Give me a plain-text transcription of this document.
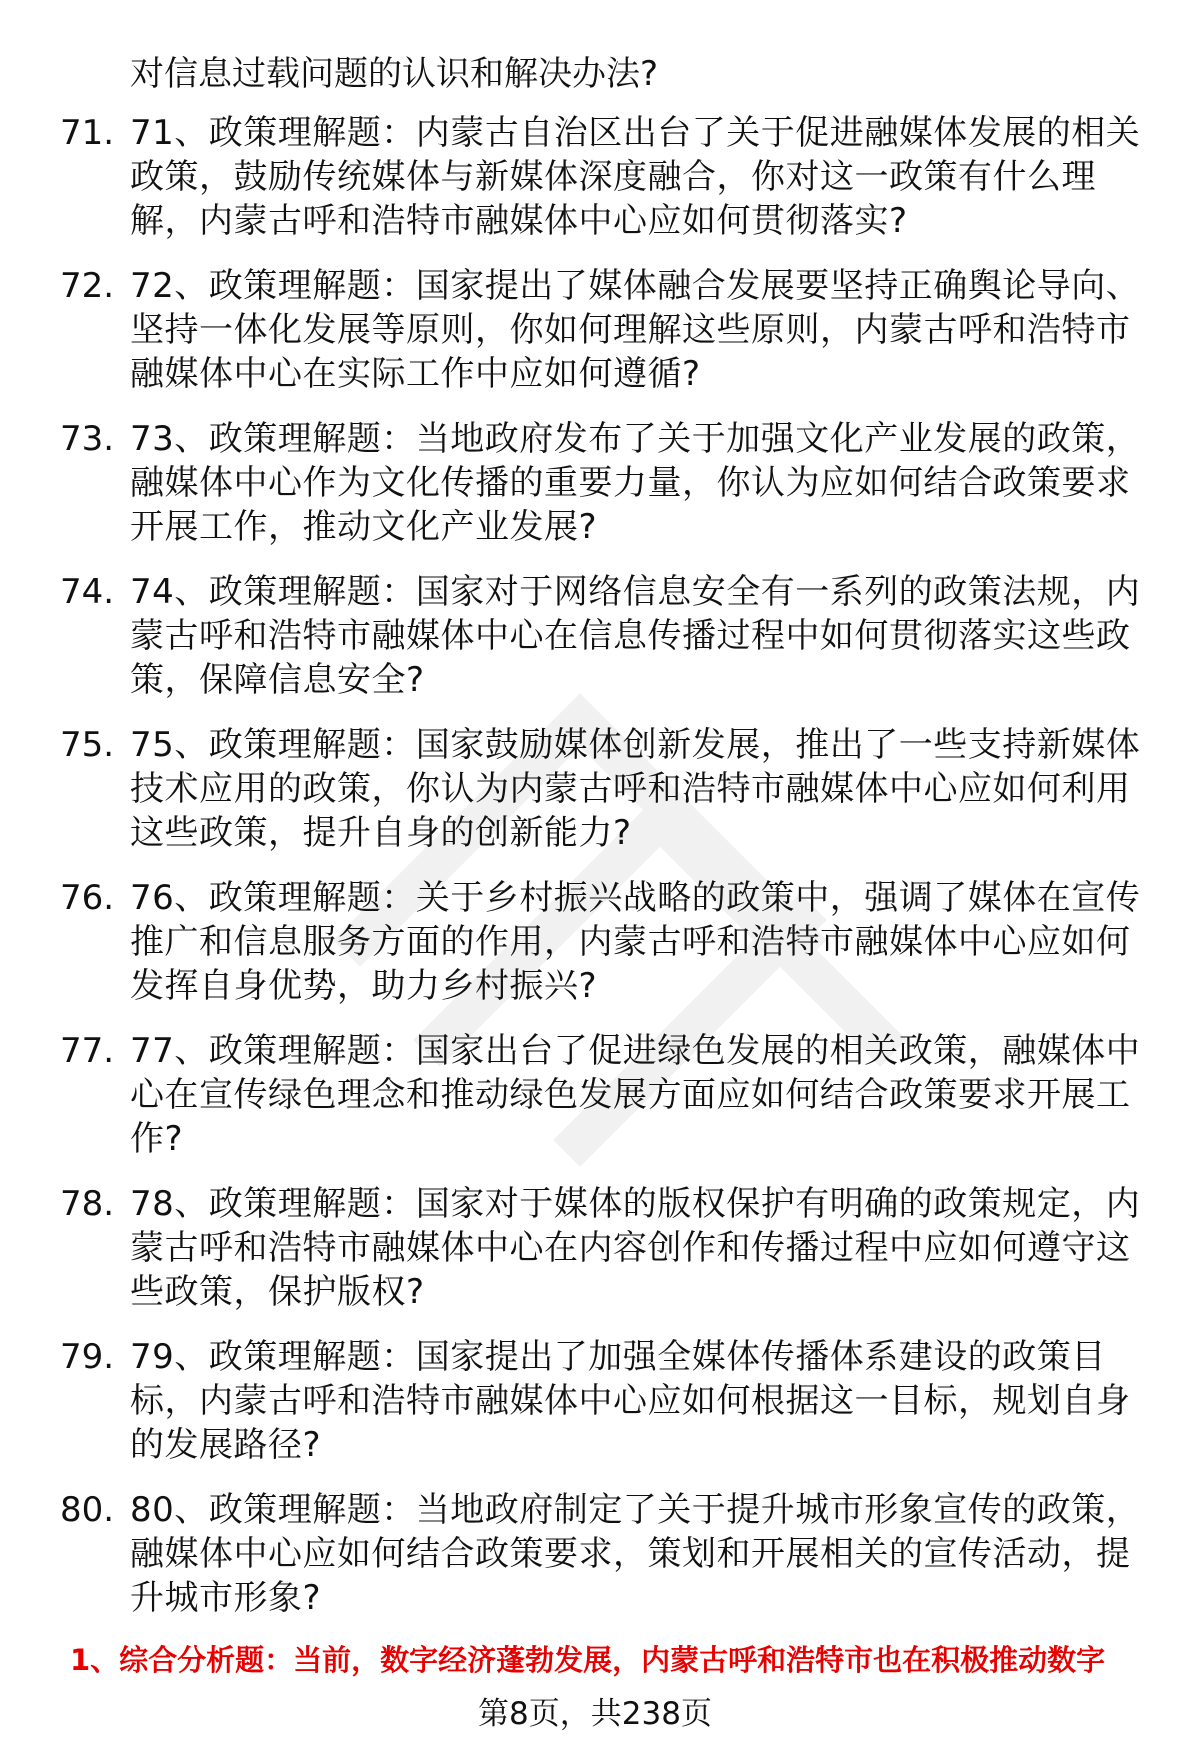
对信息过载问题的认识和解决办法?
71. 71、政策理解题：内蒙古自治区出台了关于促进融媒体发展的相关政策，鼓励传统媒体与新媒体深度融合，你对这一政策有什么理解，内蒙古呼和浩特市融媒体中心应如何贯彻落实?
72. 72、政策理解题：国家提出了媒体融合发展要坚持正确舆论导向、坚持一体化发展等原则，你如何理解这些原则，内蒙古呼和浩特市融媒体中心在实际工作中应如何遵循?
73. 73、政策理解题：当地政府发布了关于加强文化产业发展的政策，融媒体中心作为文化传播的重要力量，你认为应如何结合政策要求开展工作，推动文化产业发展?
74. 74、政策理解题：国家对于网络信息安全有一系列的政策法规，内蒙古呼和浩特市融媒体中心在信息传播过程中如何贯彻落实这些政策，保障信息安全?
75. 75、政策理解题：国家鼓励媒体创新发展，推出了一些支持新媒体技术应用的政策，你认为内蒙古呼和浩特市融媒体中心应如何利用这些政策，提升自身的创新能力?
76. 76、政策理解题：关于乡村振兴战略的政策中，强调了媒体在宣传推广和信息服务方面的作用，内蒙古呼和浩特市融媒体中心应如何发挥自身优势，助力乡村振兴?
77. 77、政策理解题：国家出台了促进绿色发展的相关政策，融媒体中心在宣传绿色理念和推动绿色发展方面应如何结合政策要求开展工作?
78. 78、政策理解题：国家对于媒体的版权保护有明确的政策规定，内蒙古呼和浩特市融媒体中心在内容创作和传播过程中应如何遵守这些政策，保护版权?
79. 79、政策理解题：国家提出了加强全媒体传播体系建设的政策目标，内蒙古呼和浩特市融媒体中心应如何根据这一目标，规划自身的发展路径?
80. 80、政策理解题：当地政府制定了关于提升城市形象宣传的政策，融媒体中心应如何结合政策要求，策划和开展相关的宣传活动，提升城市形象?
1、综合分析题：当前，数字经济蓬勃发展，内蒙古呼和浩特市也在积极推动数字
第8页，共238页
